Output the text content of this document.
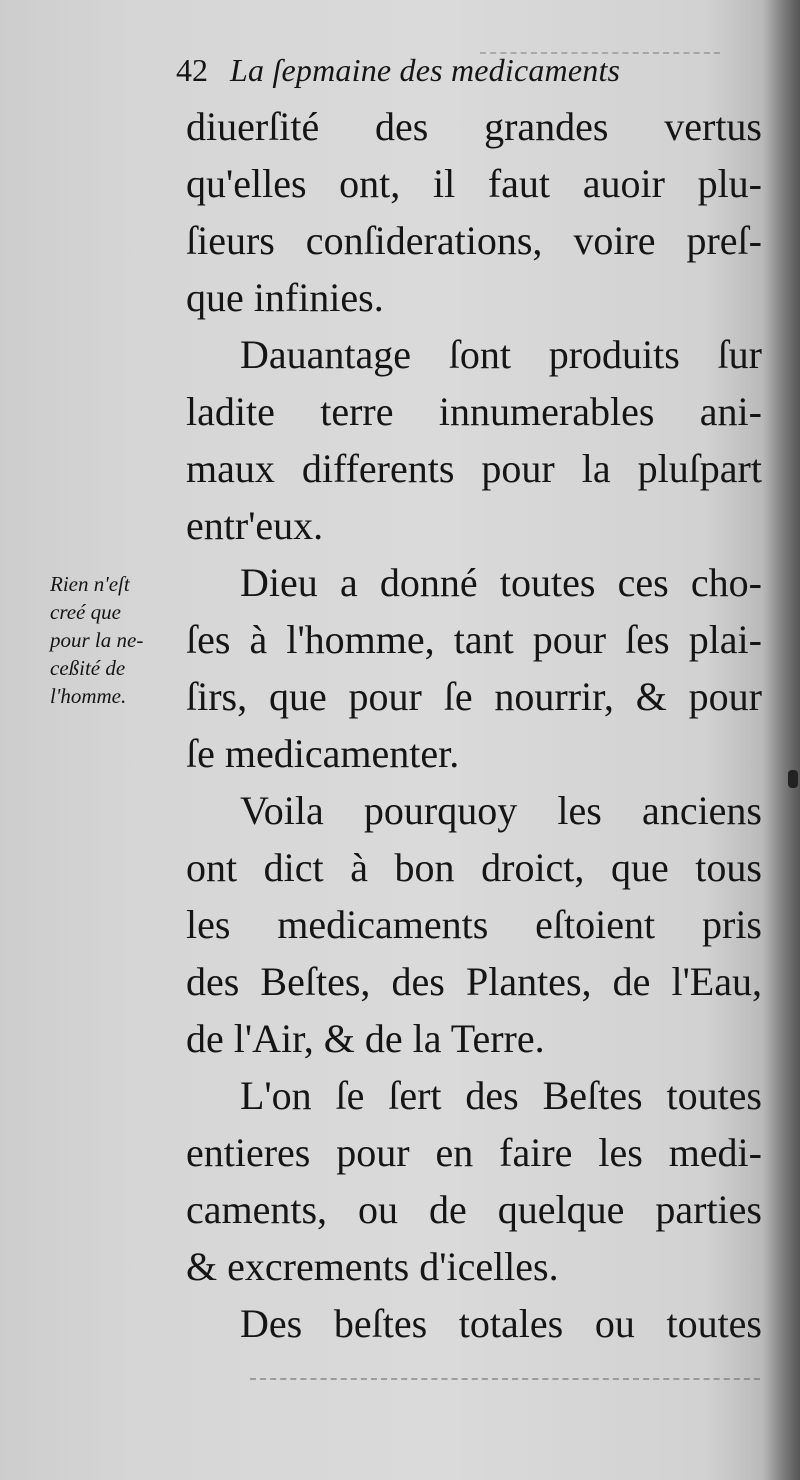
42 La ſepmaine des medicaments
Rien n'eſt
creé que
pour la ne-
ceßité de
l'homme.
diuerſité des grandes vertus
qu'elles ont, il faut auoir plu-
ſieurs conſiderations, voire preſ-
que infinies.
Dauantage ſont produits ſur
ladite terre innumerables ani-
maux differents pour la pluſpart
entr'eux.
Dieu a donné toutes ces cho-
ſes à l'homme, tant pour ſes plai-
ſirs, que pour ſe nourrir, & pour
ſe medicamenter.
Voila pourquoy les anciens
ont dict à bon droict, que tous
les medicaments eſtoient pris
des Beſtes, des Plantes, de l'Eau,
de l'Air, & de la Terre.
L'on ſe ſert des Beſtes toutes
entieres pour en faire les medi-
caments, ou de quelque parties
& excrements d'icelles.
Des beſtes totales ou toutes
